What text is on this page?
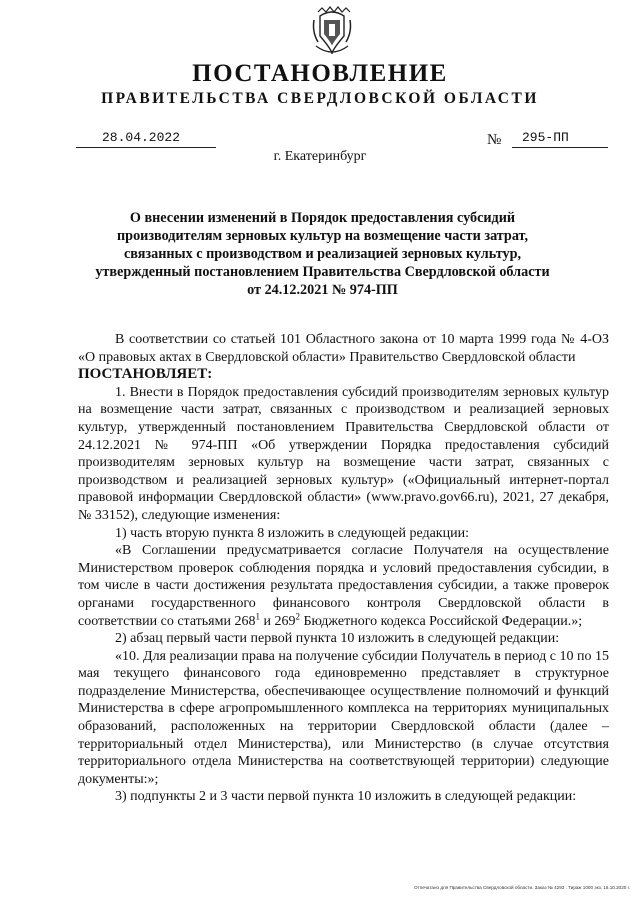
ПОСТАНОВЛЕНИЕ
ПРАВИТЕЛЬСТВА СВЕРДЛОВСКОЙ ОБЛАСТИ
28.04.2022	№	295-ПП
г. Екатеринбург
О внесении изменений в Порядок предоставления субсидий
производителям зерновых культур на возмещение части затрат,
связанных с производством и реализацией зерновых культур,
утвержденный постановлением Правительства Свердловской области
от 24.12.2021 № 974-ПП

В соответствии со статьей 101 Областного закона от 10 марта 1999 года № 4-ОЗ «О правовых актах в Свердловской области» Правительство Свердловской области

ПОСТАНОВЛЯЕТ:

1. Внести в Порядок предоставления субсидий производителям зерновых культур на возмещение части затрат, связанных с производством и реализацией зерновых культур, утвержденный постановлением Правительства Свердловской области от 24.12.2021 № 974-ПП «Об утверждении Порядка предоставления субсидий производителям зерновых культур на возмещение части затрат, связанных с производством и реализацией зерновых культур» («Официальный интернет-портал правовой информации Свердловской области» (www.pravo.gov66.ru), 2021, 27 декабря, № 33152), следующие изменения:

1) часть вторую пункта 8 изложить в следующей редакции:

«В Соглашении предусматривается согласие Получателя на осуществление Министерством проверок соблюдения порядка и условий предоставления субсидии, в том числе в части достижения результата предоставления субсидии, а также проверок органами государственного финансового контроля Свердловской области в соответствии со статьями $268^1$ и $269^2$ Бюджетного кодекса Российской Федерации.»;

2) абзац первый части первой пункта 10 изложить в следующей редакции:

«10. Для реализации права на получение субсидии Получатель в период с 10 по 15 мая текущего финансового года единовременно представляет в структурное подразделение Министерства, обеспечивающее осуществление полномочий и функций Министерства в сфере агропромышленного комплекса на территориях муниципальных образований, расположенных на территории Свердловской области (далее – территориальный отдел Министерства), или Министерство (в случае отсутствия территориального отдела Министерства на соответствующей территории) следующие документы:»;

3) подпункты 2 и 3 части первой пункта 10 изложить в следующей редакции:

Отпечатано для Правительства Свердловской области. Заказ № 4293 . Тираж 1000 экз. 16.10.2020 г.
